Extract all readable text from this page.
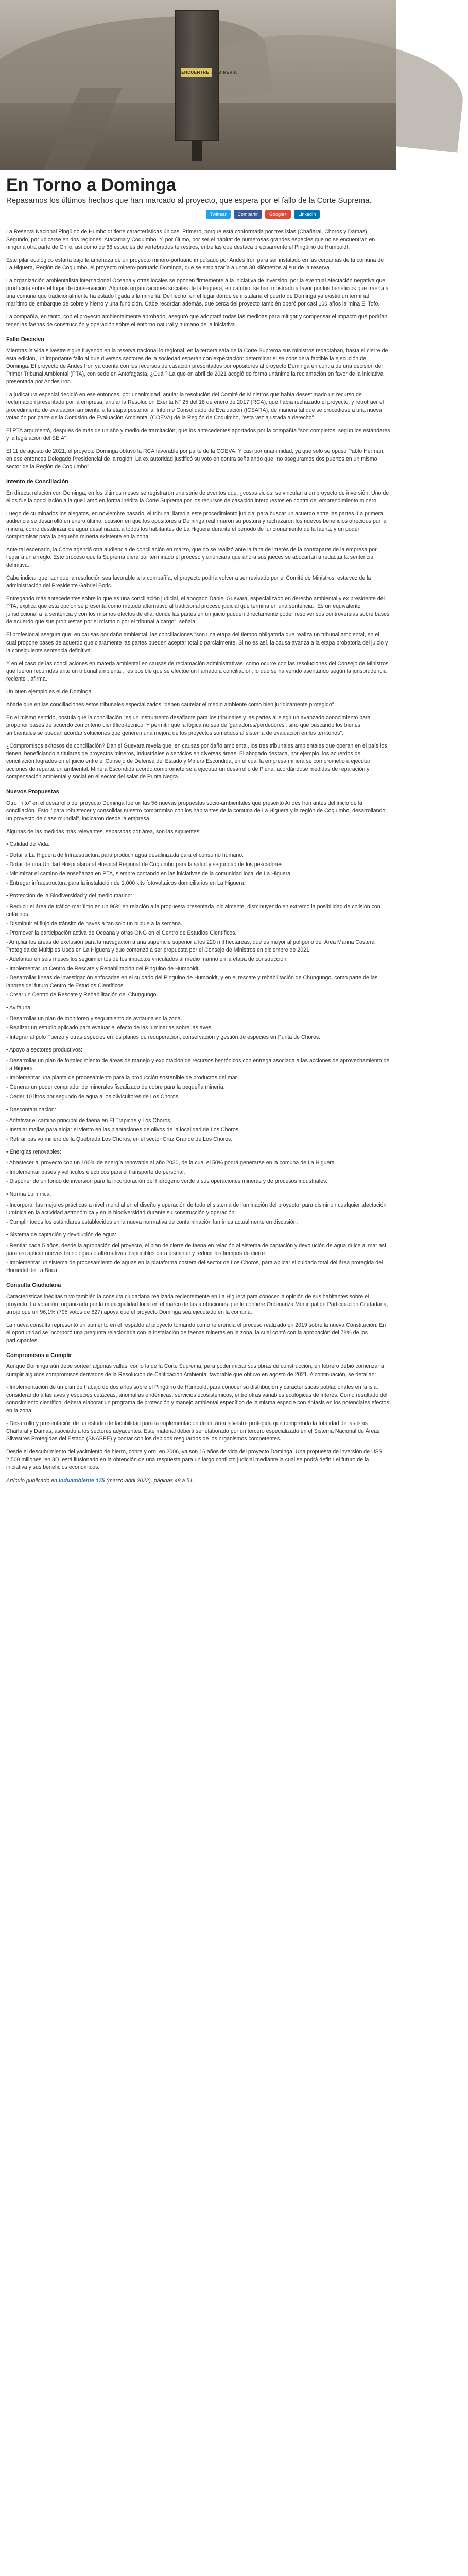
ENCUENTRE TU MINERIA
En Torno a Dominga
Repasamos los últimos hechos que han marcado al proyecto, que espera por el fallo de la Corte Suprema.
Twittear	Compartir	Google+	LinkedIn

La Reserva Nacional Pingüino de Humboldt tiene características únicas. Primero, porque está conformada por tres islas (Chañaral, Choros y Damas). Segundo, por ubicarse en dos regiones: Atacama y Coquimbo. Y, por último, por ser el hábitat de numerosas grandes especies que no se encuentran en ninguna otra parte de Chile, así como de 68 especies de vertebrados terrestres, entre las que destaca precisamente el Pingüino de Humboldt.

Este pilar ecológico estaría bajo la amenaza de un proyecto minero-portuario impulsado por Andes Iron para ser instalado en las cercanías de la comuna de La Higuera, Región de Coquimbo, el proyecto minero-portuario Dominga, que se emplazaría a unos 30 kilómetros al sur de la reserva.

La organización ambientalista internacional Oceana y otras locales se oponen firmemente a la iniciativa de inversión, por la eventual afectación negativa que produciría sobre el lugar de conservación. Algunas organizaciones sociales de la Higuera, en cambio, se han mostrado a favor por los beneficios que traería a una comuna que tradicionalmente ha estado ligada a la minería. De hecho, en el lugar donde se instalaría el puerto de Dominga ya existió un terminal marítimo de embarque de cobre y hierro y una fundición. Cabe recordar, además, que cerca del proyecto también operó por casi 100 años la mina El Tofo.

La compañía, en tanto, con el proyecto ambientalmente aprobado, aseguró que adoptará todas las medidas para mitigar y compensar el impacto que podrían tener las faenas de construcción y operación sobre el entorno natural y humano de la iniciativa.

Fallo Decisivo

Mientras la vida silvestre sigue fluyendo en la reserva nacional lo regional, en la tercera sala de la Corte Suprema sus ministros redactaban, hasta el cierre de esta edición, un importante fallo al que diversos sectores de la sociedad esperan con expectación: determinar si se considera factible la ejecución de Dominga. El proyecto de Andes Iron ya cuenta con los recursos de casación presentados por opositores al proyecto Dominga en contra de una decisión del Primer Tribunal Ambiental (PTA), con sede en Antofagasta, ¿Cuál? La que en abril de 2021 acogió de forma unánime la reclamación en favor de la iniciativa presentada por Andes Iron.

La judicatura especial decidió en ese entonces, por unanimidad, anular la resolución del Comité de Ministros que había desestimado un recurso de reclamación presentado por la empresa: anular la Resolución Exenta N° 25 del 18 de enero de 2017 (RCA), que había rechazado el proyecto; y retrotraer el procedimiento de evaluación ambiental a la etapa posterior al Informe Consolidado de Evaluación (ICSARA), de manera tal que se procediese a una nueva votación por parte de la Comisión de Evaluación Ambiental (COEVA) de la Región de Coquimbo, "esta vez ajustada a derecho".

El PTA argumentó, después de más de un año y medio de tramitación, que los antecedentes aportados por la compañía "son completos, según los estándares y la legislación del SEIA".

El 11 de agosto de 2021, el proyecto Dominga obtuvo la RCA favorable por parte de la COEVA. Y casi por unanimidad, ya que solo se opuso Pablo Herman, en ese entonces Delegado Presidencial de la región. La ex autoridad justificó su voto en contra señalando que "no aseguramos dos puertos en un mismo sector de la Región de Coquimbo".

Intento de Conciliación

En directa relación con Dominga, en los últimos meses se registraron una serie de eventos que, ¿cosas vicios, se vinculan a un proyecto de inversión. Uno de ellos fue la conciliación a la que llamó en forma inédita la Corte Suprema por los recursos de casación interpuestos en contra del emprendimiento minero.

Luego de culminados los alegatos, en noviembre pasado, el tribunal llamó a este procedimiento judicial para buscar un acuerdo entre las partes. La primera audiencia se desarrolló en enero último, ocasión en que los opositores a Dominga reafirmaron su postura y rechazaron los nuevos beneficios ofrecidos por la minera, como desalinizar de agua desalinizada a todos los habitantes de La Higuera durante el período de funcionamiento de la faena, y un poder compromisar para la pequeña minería existente en la zona.

Ante tal escenario, la Corte agendó otra audiencia de conciliación en marzo, que no se realizó ante la falta de interés de la contraparte de la empresa por llegar a un arreglo. Este proceso que la Suprema diera por terminado el proceso y anunciara que ahora sus jueces se abocarían a redactar la sentencia definitiva.

Cabe indicar que, aunque la resolución sea favorable a la compañía, el proyecto podría volver a ser revisado por el Comité de Ministros, esta vez de la administración del Presidente Gabriel Boric.

Entregando más antecedentes sobre lo que es una conciliación judicial, el abogado Daniel Guevara, especializado en derecho ambiental y ex presidente del PTA, explica que esta opción se presenta como método alternativo al tradicional proceso judicial que termina en una sentencia. "Es un equivalente jurisdiccional a la sentencia y con los mismos efectos de ella, donde las partes en un juicio pueden directamente poder resolver sus controversias sobre bases de acuerdo que sus propuestas por el mismo o por el tribunal a cargo", señala.

El profesional asegura que, en causas por daño ambiental, las conciliaciones "son una etapa del tiempo obligatoria que realiza un tribunal ambiental, en el cual propone bases de acuerdo que claramente las partes pueden aceptar total o parcialmente. Si no es así, la causa avanza a la etapa probatoria del juicio y la consiguiente sentencia definitiva".

Y en el caso de las conciliaciones en materia ambiental en causas de reclamación administrativas, como ocurre con las resoluciones del Consejo de Ministros que fueron recurridas ante un tribunal ambiental, "es posible que se efectúe un llamado a conciliación, lo que se ha venido asentando según la jurisprudencia reciente", afirma.

Un buen ejemplo es el de Dominga.

Añade que en las conciliaciones estos tribunales especializados "deben cautelar el medio ambiente como bien jurídicamente protegido".

En el mismo sentido, postula que la conciliación "es un instrumento desafiante para los tribunales y las partes al elegir un avanzado conocimiento para proponer bases de acuerdo con criterio científico-técnico. Y permitir que la lógica no sea de 'ganadores/perdedores', sino que buscando los bienes ambientales se puedan acordar soluciones que generen una mejora de los proyectos sometidos al sistema de evaluación en los territorios".

¿Compromisos exitosos de conciliación? Daniel Guevara revela que, en causas por daño ambiental, los tres tribunales ambientales que operan en el país los tienen, beneficiando a titulares de proyectos mineros, industriales o servicios en diversas áreas. El abogado destaca, por ejemplo, los acuerdos de conciliación logrados en el juicio entre el Consejo de Defensa del Estado y Minera Escondida, en el cual la empresa minera se comprometió a ejecutar acciones de reparación ambiental: Minera Escondida acordó comprometerse a ejecutar un desarrollo de Plena, acordándose medidas de reparación y compensación ambiental y social en el sector del salar de Punta Negra.

Nuevos Propuestas

Otro "hito" en el desarrollo del proyecto Dominga fueron las 56 nuevas propuestas socio-ambientales que presentó Andes Iron antes del inicio de la conciliación. Esto, "para robustecer y consolidar nuestro compromiso con los habitantes de la comuna de La Higuera y la región de Coquimbo, desarrollando un proyecto de clase mundial", indicaron desde la empresa.

Algunas de las medidas más relevantes, separadas por área, son las siguientes:

• Calidad de Vida:

- Dotar a La Higuera de Infraestructura para producir agua desalinizada para el consumo humano.
- Dotar de una Unidad Hospitalaria al Hospital Regional de Coquimbo para la salud y seguridad de los pescadores.
- Minimizar el camino de enseñanza en PTA, siempre contando en las iniciativas de la comunidad local de La Higuera.
- Entregar infraestructura para la instalación de 1.000 kits fotovoltaicos domiciliarios en La Higuera.

• Protección de la Biodiversidad y del medio marino:

- Reducir el área de tráfico marítimo en un 96% en relación a la propuesta presentada inicialmente, disminuyendo en extremo la posibilidad de colisión con cetáceos.
- Disminuir el flujo de tránsito de naves a tan solo un buque a la semana.
- Promover la participación activa de Oceana y otras ONG en el Centro de Estudios Científicos.
- Ampliar los areas de exclusión para la navegación a una superficie superior a los 220 mil hectáreas, que es mayor al polígono del Área Marina Costera Protegida de Múltiples Usos en La Higuera y que comenzó a ser propuesta por el Consejo de Ministros en diciembre de 2021.
- Adelantar en seis meses los seguimientos de los impactos vinculados al medio marino en la etapa de construcción.
- Implementar un Centro de Rescate y Rehabilitación del Pingüino de Humboldt.
- Desarrollar líneas de investigación enfocadas en el cuidado del Pingüino de Humboldt, y en el rescate y rehabilitación de Chungungo, como parte de las labores del futuro Centro de Estudios Científicos.
- Crear un Centro de Rescate y Rehabilitación del Chungungo.

• Avifauna:

- Desarrollar un plan de monitoreo y seguimiento de avifauna en la zona.
- Realizar un estudio aplicado para evaluar el efecto de las luminarias sobre las aves.
- Integrar al polo Fuerzo y otras especies en los planes de recuperación, conservación y gestión de especies en Punta de Choros.

• Apoyo a sectores productivos:

- Desarrollar un plan de fortalecimiento de áreas de manejo y explotación de recursos bentónicos con entrega asociada a las acciones de aprovechamiento de La Higuera.
- Implementar una planta de procesamiento para la producción sostenible de productos del mar.
- Generar un poder comprador de minerales fiscalizado de cobre para la pequeña minería.
- Ceder 10 litros por segundo de agua a los olivicultores de Los Choros.

• Descontaminación:

- Adtativar el camino principal de faena en El Trapiche y Los Choros.
- Instalar mallas para alojar el viento en las plantaciones de olivos de la localidad de Los Choros.
- Retirar pasivo minero de la Quebrada Los Choros, en el sector Cruz Grande de Los Choros.

• Energías renovables:

- Abastecer al proyecto con un 100% de energía renovable al año 2030, de la cual el 50% podrá generarse en la comuna de La Higuera.
- Implementar buses y vehículos eléctricos para el transporte de personal.
- Disponer de un fondo de inversión para la incorporación del hidrógeno verde a sus operaciones mineras y de procesos industriales.

• Norma Lumínica:

- Incorporar las mejores prácticas a nivel mundial en el diseño y operación de todo el sistema de iluminación del proyecto, para disminuir cualquier afectación lumínica en la actividad astronómica y en la biodiversidad durante su construcción y operación.
- Cumplir todos los estándares establecidos en la nueva normativa de contaminación lumínica actualmente en discusión.

• Sistema de captación y devolución de agua:

- Rentiar cada 5 años, desde la aprobación del proyecto, el plan de cierre de faena en relación al sistema de captación y devolución de agua dulce al mar así, para así aplicar nuevas tecnologías o alternativas disponibles para disminuir y reducir los tiempos de cierre.
- Implementar un sistema de procesamiento de aguas en la plataforma costera del sector de Los Choros, para aplicar el cuidado total del área protegida del Humedal de La Boca.
Consulta Ciudadana

Características inéditas tuvo también la consulta ciudadana realizada recientemente en La Higuera para conocer la opinión de sus habitantes sobre el proyecto. La votación, organizada por la municipalidad local en el marco de las atribuciones que le confiere Ordenanza Municipal de Participación Ciudadana, arrojó que un 96,1% (795 votos de 827) apoya que el proyecto Dominga sea ejecutado en la comuna.

La nueva consulta representó un aumento en el respaldo al proyecto tomando como referencia el proceso realizado en 2019 sobre la nueva Constitución. En el oportunidad se incorporó una pregunta relacionada con la instalación de faenas mineras en la zona, la cual contó con la aprobación del 78% de los participantes.

Compromisos a Cumplir

Aunque Dominga aún debe sortear algunas vallas, como la de la Corte Suprema, para poder iniciar sus obras de construcción, en febrero debió comenzar a cumplir algunos compromisos derivados de la Resolución de Calificación Ambiental favorable que obtuvo en agosto de 2021. A continuación, se detallan:

- Implementación de un plan de trabajo de dos años sobre el Pingüino de Humboldt para conocer su distribución y características poblacionales en la isla, considerando a las aves y especies cetáceas, anomalías endémicas, servicios ecosistémicos, entre otras variables ecológicas de interés. Como resultado del conocimiento científico, deberá elaborar un programa de protección y manejo ambiental específico de la misma especie con énfasis en los potenciales efectos en la zona.

- Desarrollo y presentación de un estudio de factibilidad para la implementación de un área silvestre protegida que comprenda la totalidad de las islas Chañaral y Damas, asociado a los sectores adyacentes. Este material deberá ser elaborado por un tercero especializado en el Sistema Nacional de Áreas Silvestres Protegidas del Estado (SNASPE) y contar con los debidos resguardos de los organismos competentes.

Desde el descubrimiento del yacimiento de hierro, cobre y oro, en 2006, ya son 16 años de vida del proyecto Dominga. Una propuesta de inversión de US$ 2.500 millones, en 3D, está ilusionado en la obtención de una respuesta para un largo conflicto judicial mediante la cual se podrá definir el futuro de la iniciativa y sus beneficios económicos.

Artículo publicado en Induambiente 175 (marzo-abril 2022), páginas 48 a 51.
